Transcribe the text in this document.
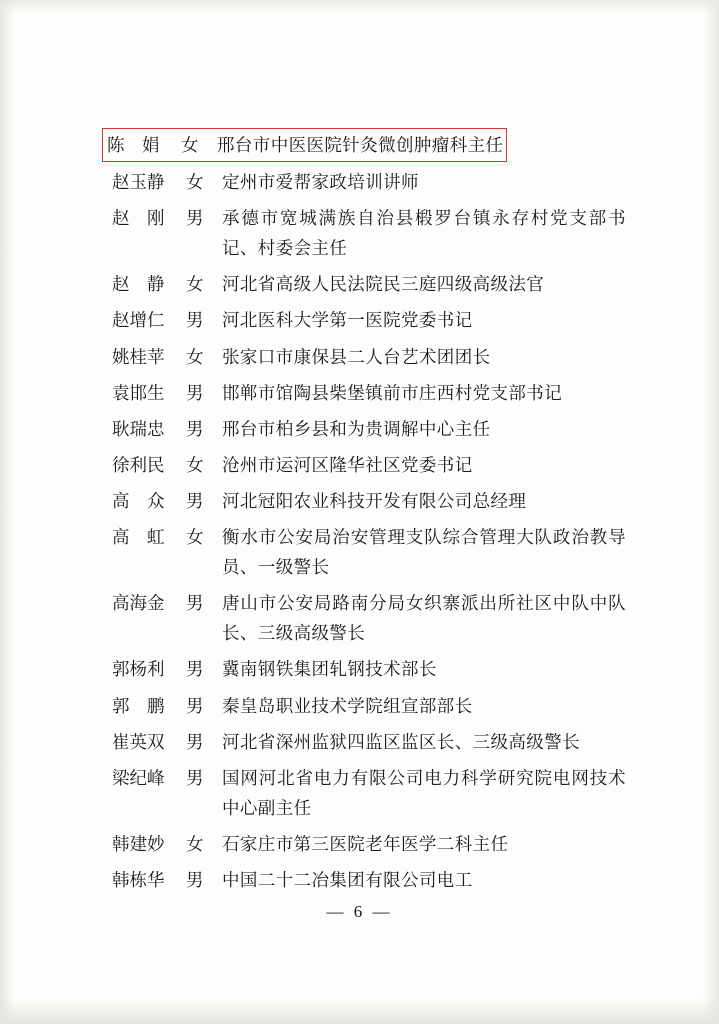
陈　娟	女	邢台市中医医院针灸微创肿瘤科主任
赵玉静	女	定州市爱帮家政培训讲师
赵　刚	男	承德市宽城满族自治县椴罗台镇永存村党支部书记、村委会主任
赵　静	女	河北省高级人民法院民三庭四级高级法官
赵增仁	男	河北医科大学第一医院党委书记
姚桂苹	女	张家口市康保县二人台艺术团团长
袁邯生	男	邯郸市馆陶县柴堡镇前市庄西村党支部书记
耿瑞忠	男	邢台市柏乡县和为贵调解中心主任
徐利民	女	沧州市运河区隆华社区党委书记
高　众	男	河北冠阳农业科技开发有限公司总经理
高　虹	女	衡水市公安局治安管理支队综合管理大队政治教导员、一级警长
高海金	男	唐山市公安局路南分局女织寨派出所社区中队中队长、三级高级警长
郭杨利	男	冀南钢铁集团轧钢技术部长
郭　鹏	男	秦皇岛职业技术学院组宣部部长
崔英双	男	河北省深州监狱四监区监区长、三级高级警长
梁纪峰	男	国网河北省电力有限公司电力科学研究院电网技术中心副主任
韩建妙	女	石家庄市第三医院老年医学二科主任
韩栋华	男	中国二十二冶集团有限公司电工
— 6 —
